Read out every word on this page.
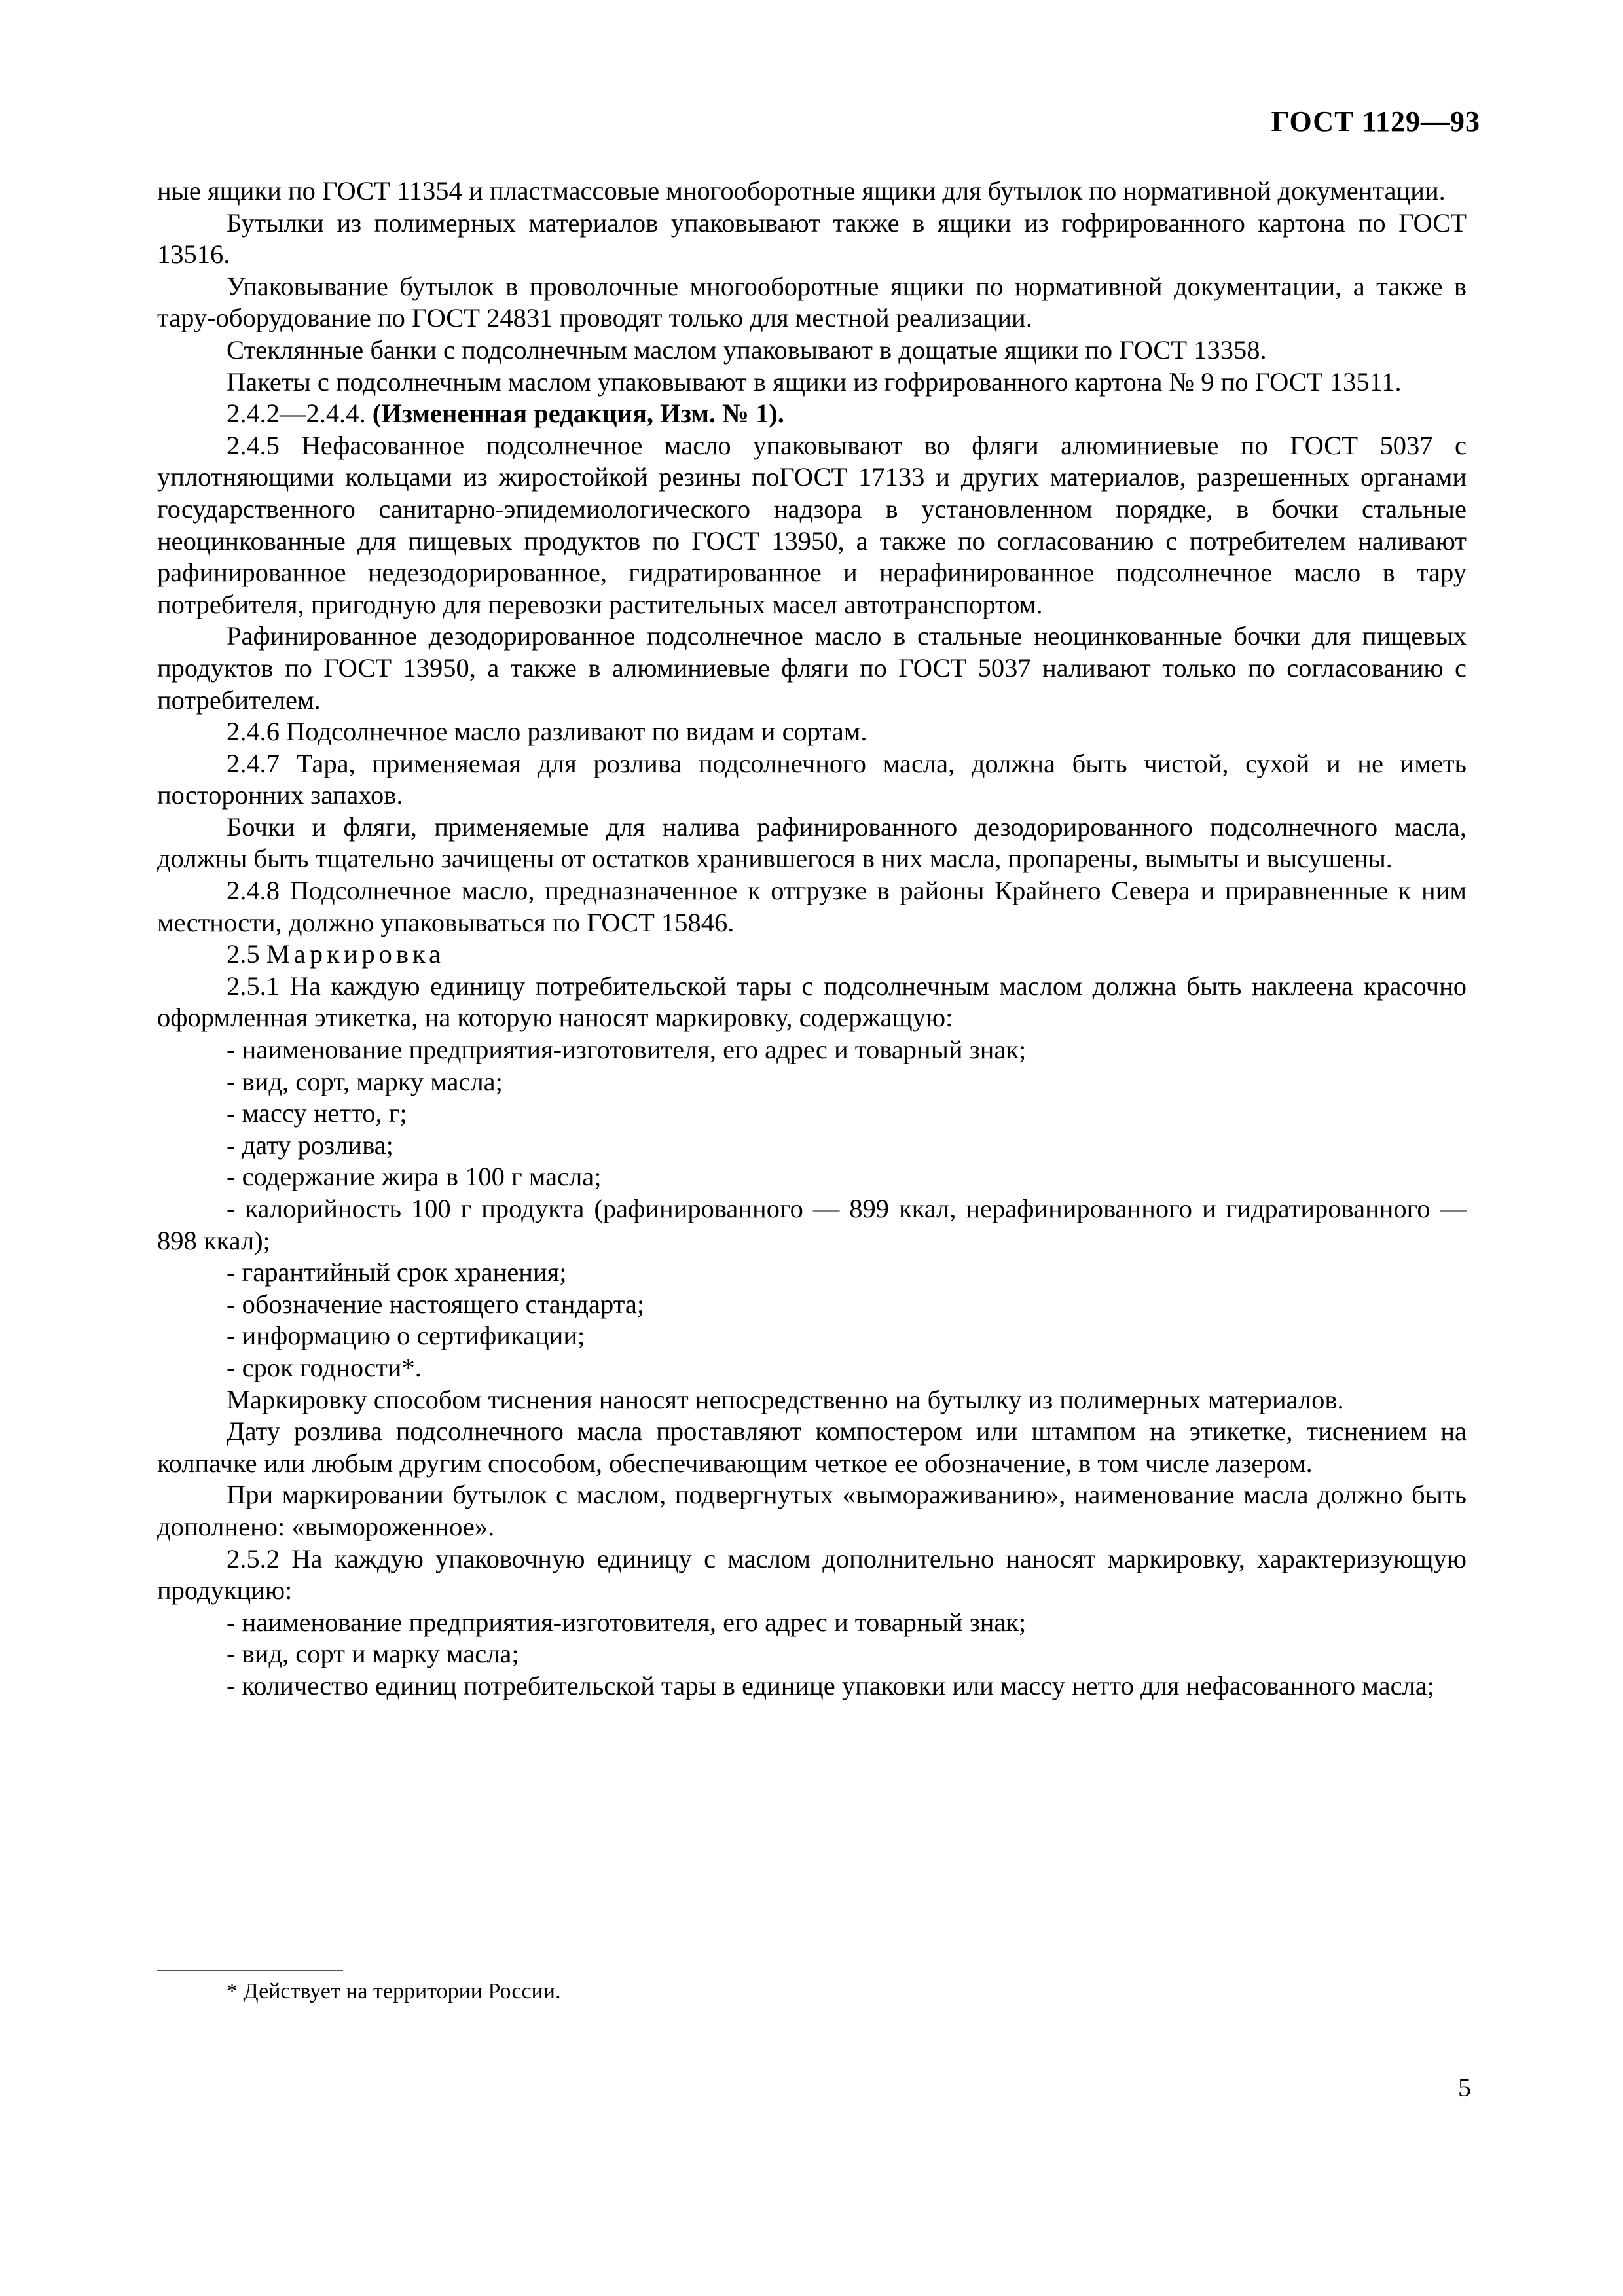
ГОСТ 1129—93

ные ящики по ГОСТ 11354 и пластмассовые многооборотные ящики для бутылок по нормативной документации.

Бутылки из полимерных материалов упаковывают также в ящики из гофрированного картона по ГОСТ 13516.

Упаковывание бутылок в проволочные многооборотные ящики по нормативной документации, а также в тару-оборудование по ГОСТ 24831 проводят только для местной реализации.

Стеклянные банки с подсолнечным маслом упаковывают в дощатые ящики по ГОСТ 13358.

Пакеты с подсолнечным маслом упаковывают в ящики из гофрированного картона № 9 по ГОСТ 13511.

2.4.2—2.4.4. (Измененная редакция, Изм. № 1).

2.4.5 Нефасованное подсолнечное масло упаковывают во фляги алюминиевые по ГОСТ 5037 с уплотняющими кольцами из жиростойкой резины поГОСТ 17133 и других материалов, разрешенных органами государственного санитарно-эпидемиологического надзора в установленном порядке, в бочки стальные неоцинкованные для пищевых продуктов по ГОСТ 13950, а также по согласованию с потребителем наливают рафинированное недезодорированное, гидратированное и нерафинированное подсолнечное масло в тару потребителя, пригодную для перевозки растительных масел автотранспортом.

Рафинированное дезодорированное подсолнечное масло в стальные неоцинкованные бочки для пищевых продуктов по ГОСТ 13950, а также в алюминиевые фляги по ГОСТ 5037 наливают только по согласованию с потребителем.

2.4.6 Подсолнечное масло разливают по видам и сортам.

2.4.7 Тара, применяемая для розлива подсолнечного масла, должна быть чистой, сухой и не иметь посторонних запахов.

Бочки и фляги, применяемые для налива рафинированного дезодорированного подсолнечного масла, должны быть тщательно зачищены от остатков хранившегося в них масла, пропарены, вымыты и высушены.

2.4.8 Подсолнечное масло, предназначенное к отгрузке в районы Крайнего Севера и приравненные к ним местности, должно упаковываться по ГОСТ 15846.

2.5 Маркировка

2.5.1 На каждую единицу потребительской тары с подсолнечным маслом должна быть наклеена красочно оформленная этикетка, на которую наносят маркировку, содержащую:

- наименование предприятия-изготовителя, его адрес и товарный знак;

- вид, сорт, марку масла;

- массу нетто, г;

- дату розлива;

- содержание жира в 100 г масла;

- калорийность 100 г продукта (рафинированного — 899 ккал, нерафинированного и гидратированного — 898 ккал);

- гарантийный срок хранения;

- обозначение настоящего стандарта;

- информацию о сертификации;

- срок годности*.

Маркировку способом тиснения наносят непосредственно на бутылку из полимерных материалов.

Дату розлива подсолнечного масла проставляют компостером или штампом на этикетке, тиснением на колпачке или любым другим способом, обеспечивающим четкое ее обозначение, в том числе лазером.

При маркировании бутылок с маслом, подвергнутых «вымораживанию», наименование масла должно быть дополнено: «вымороженное».

2.5.2 На каждую упаковочную единицу с маслом дополнительно наносят маркировку, характеризующую продукцию:

- наименование предприятия-изготовителя, его адрес и товарный знак;

- вид, сорт и марку масла;

- количество единиц потребительской тары в единице упаковки или массу нетто для нефасованного масла;

* Действует на территории России.
5
